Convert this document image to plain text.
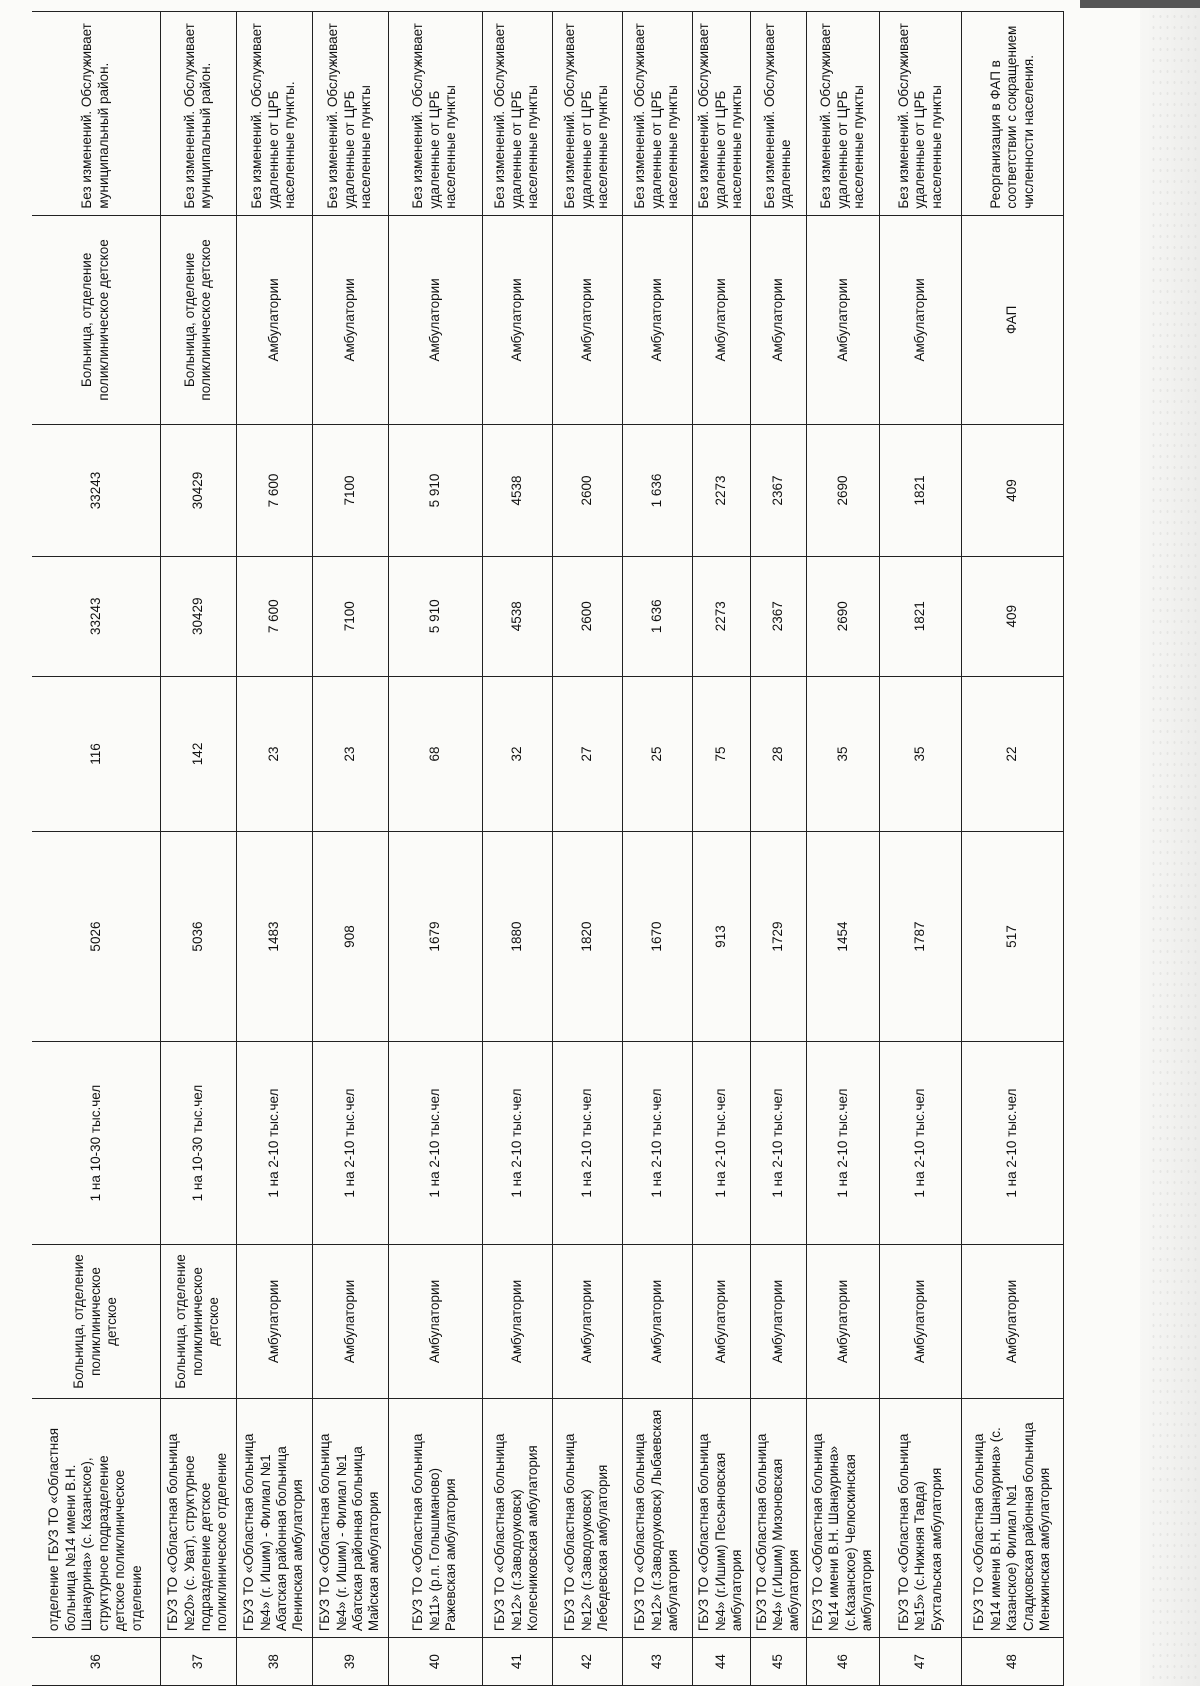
36	отделение ГБУЗ ТО «Областная больница №14 имени В.Н. Шанаурина» (с. Казанское), структурное подразделение детское поликлиническое отделение	Больница, отделение поликлиническое детское	1 на 10-30 тыс.чел	5026	116	33243	33243	Больница, отделение поликлиническое детское	Без изменений. Обслуживает муниципальный район.
37	ГБУЗ ТО «Областная больница №20» (с. Уват), структурное подразделение детское поликлиническое отделение	Больница, отделение поликлиническое детское	1 на 10-30 тыс.чел	5036	142	30429	30429	Больница, отделение поликлиническое детское	Без изменений. Обслуживает муниципальный район.
38	ГБУЗ ТО «Областная больница №4» (г. Ишим) - Филиал №1 Абатская районная больница Ленинская амбулатория	Амбулатории	1 на 2-10 тыс.чел	1483	23	7 600	7 600	Амбулатории	Без изменений. Обслуживает удаленные от ЦРБ населенные пункты.
39	ГБУЗ ТО «Областная больница №4» (г. Ишим) - Филиал №1 Абатская районная больница Майская амбулатория	Амбулатории	1 на 2-10 тыс.чел	908	23	7100	7100	Амбулатории	Без изменений. Обслуживает удаленные от ЦРБ населенные пункты
40	ГБУЗ ТО «Областная больница №11» (р.п. Голышманово) Ражевская амбулатория	Амбулатории	1 на 2-10 тыс.чел	1679	68	5 910	5 910	Амбулатории	Без изменений. Обслуживает удаленные от ЦРБ населенные пункты
41	ГБУЗ ТО «Областная больница №12» (г.Заводоуковск) Колесниковская амбулатория	Амбулатории	1 на 2-10 тыс.чел	1880	32	4538	4538	Амбулатории	Без изменений. Обслуживает удаленные от ЦРБ населенные пункты
42	ГБУЗ ТО «Областная больница №12» (г.Заводоуковск) Лебедевская амбулатория	Амбулатории	1 на 2-10 тыс.чел	1820	27	2600	2600	Амбулатории	Без изменений. Обслуживает удаленные от ЦРБ населенные пункты
43	ГБУЗ ТО «Областная больница №12» (г.Заводоуковск) Лыбаевская амбулатория	Амбулатории	1 на 2-10 тыс.чел	1670	25	1 636	1 636	Амбулатории	Без изменений. Обслуживает удаленные от ЦРБ населенные пункты
44	ГБУЗ ТО «Областная больница №4» (г.Ишим) Песьяновская амбулатория	Амбулатории	1 на 2-10 тыс.чел	913	75	2273	2273	Амбулатории	Без изменений. Обслуживает удаленные от ЦРБ населенные пункты
45	ГБУЗ ТО «Областная больница №4» (г.Ишим) Мизоновская амбулатория	Амбулатории	1 на 2-10 тыс.чел	1729	28	2367	2367	Амбулатории	Без изменений. Обслуживает удаленные
46	ГБУЗ ТО «Областная больница №14 имени В.Н. Шанаурина» (с.Казанское) Челюскинская амбулатория	Амбулатории	1 на 2-10 тыс.чел	1454	35	2690	2690	Амбулатории	Без изменений. Обслуживает удаленные от ЦРБ населенные пункты
47	ГБУЗ ТО «Областная больница №15» (с.Нижняя Тавда) Бухтальская амбулатория	Амбулатории	1 на 2-10 тыс.чел	1787	35	1821	1821	Амбулатории	Без изменений. Обслуживает удаленные от ЦРБ населенные пункты
48	ГБУЗ ТО «Областная больница №14 имени В.Н. Шанаурина» (с. Казанское) Филиал №1 Сладковская районная больница Менжинская амбулатория	Амбулатории	1 на 2-10 тыс.чел	517	22	409	409	ФАП	Реорганизация в ФАП в соответствии с сокращением численности населения.
